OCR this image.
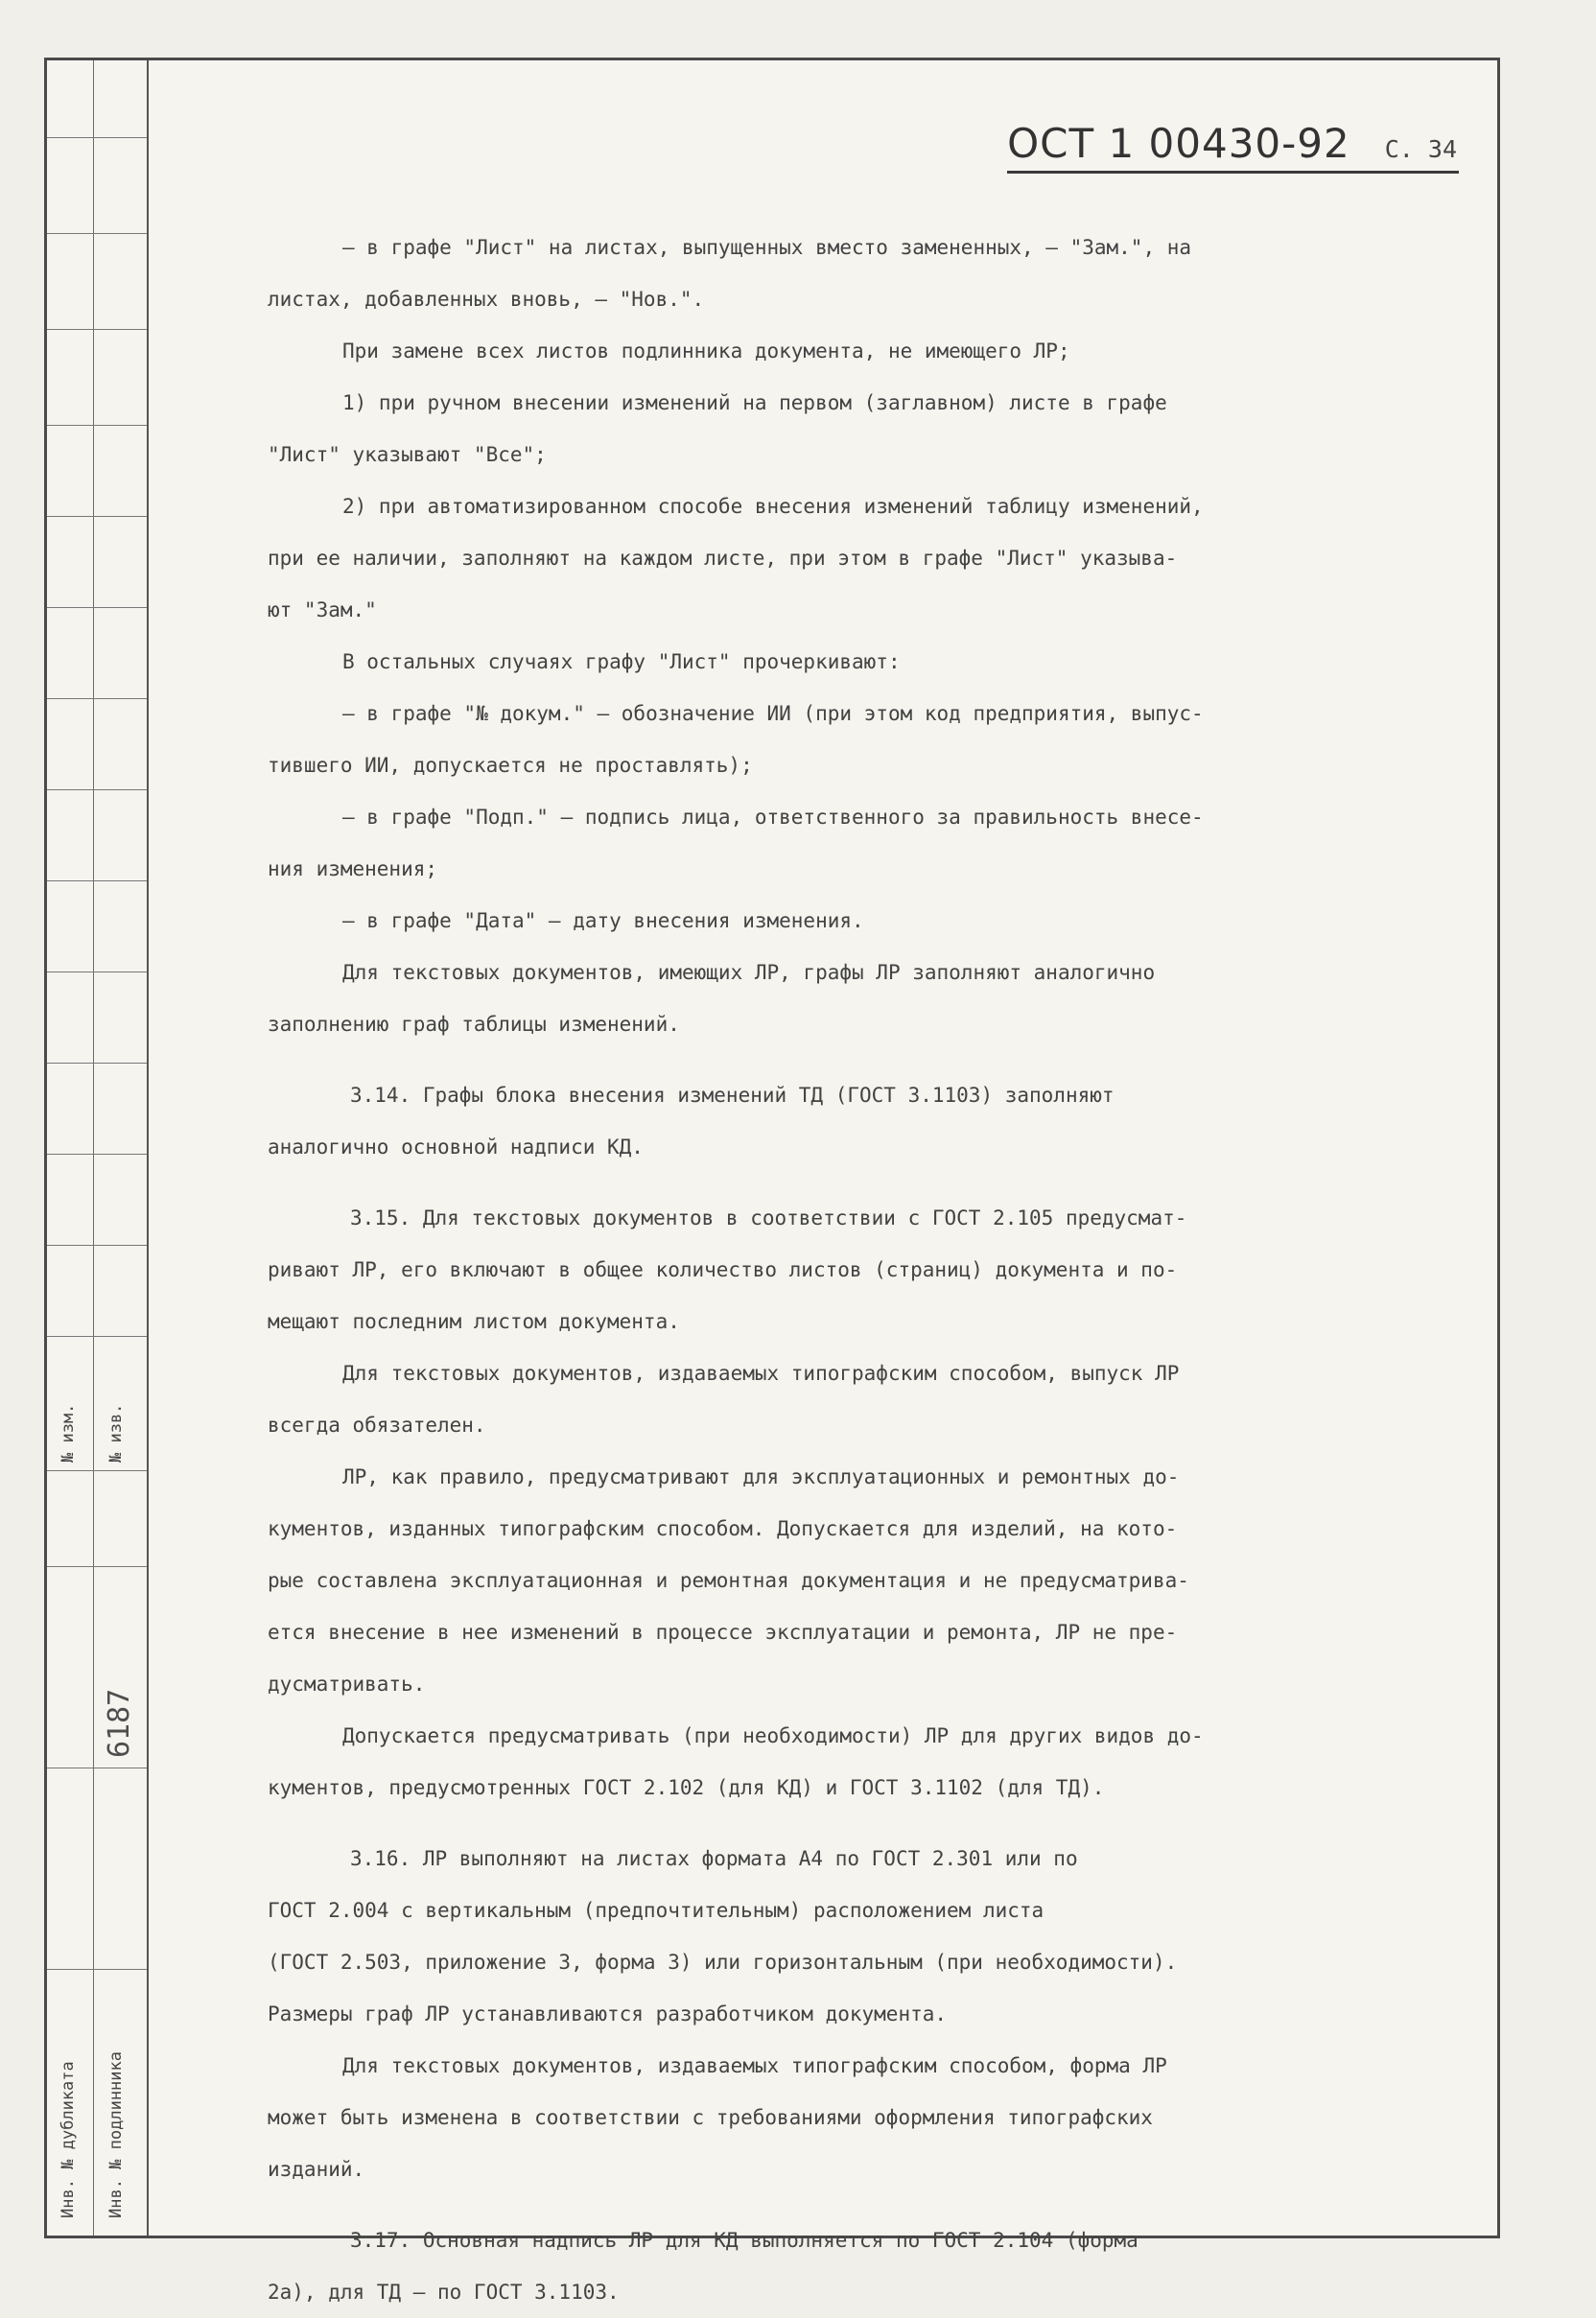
№ изм. № изв.
6187
Инв. № дубликата Инв. № подлинника
ОСТ 1 00430-92 С. 34

– в графе "Лист" на листах, выпущенных вместо замененных, – "Зам.", на

листах, добавленных вновь, – "Нов.".

При замене всех листов подлинника документа, не имеющего ЛР;

1) при ручном внесении изменений на первом (заглавном) листе в графе

"Лист" указывают "Все";

2) при автоматизированном способе внесения изменений таблицу изменений,

при ее наличии, заполняют на каждом листе, при этом в графе "Лист" указыва-

ют "Зам."

В остальных случаях графу "Лист" прочеркивают:

– в графе "№ докум." – обозначение ИИ (при этом код предприятия, выпус-

тившего ИИ, допускается не проставлять);

– в графе "Подп." – подпись лица, ответственного за правильность внесе-

ния изменения;

– в графе "Дата" – дату внесения изменения.

Для текстовых документов, имеющих ЛР, графы ЛР заполняют аналогично

заполнению граф таблицы изменений.

3.14. Графы блока внесения изменений ТД (ГОСТ 3.1103) заполняют

аналогично основной надписи КД.

3.15. Для текстовых документов в соответствии с ГОСТ 2.105 предусмат-

ривают ЛР, его включают в общее количество листов (страниц) документа и по-

мещают последним листом документа.

Для текстовых документов, издаваемых типографским способом, выпуск ЛР

всегда обязателен.

ЛР, как правило, предусматривают для эксплуатационных и ремонтных до-

кументов, изданных типографским способом. Допускается для изделий, на кото-

рые составлена эксплуатационная и ремонтная документация и не предусматрива-

ется внесение в нее изменений в процессе эксплуатации и ремонта, ЛР не пре-

дусматривать.

Допускается предусматривать (при необходимости) ЛР для других видов до-

кументов, предусмотренных ГОСТ 2.102 (для КД) и ГОСТ 3.1102 (для ТД).

3.16. ЛР выполняют на листах формата А4 по ГОСТ 2.301 или по

ГОСТ 2.004 с вертикальным (предпочтительным) расположением листа

(ГОСТ 2.503, приложение 3, форма 3) или горизонтальным (при необходимости).

Размеры граф ЛР устанавливаются разработчиком документа.

Для текстовых документов, издаваемых типографским способом, форма ЛР

может быть изменена в соответствии с требованиями оформления типографских

изданий.

3.17. Основная надпись ЛР для КД выполняется по ГОСТ 2.104 (форма

2а), для ТД – по ГОСТ 3.1103.
